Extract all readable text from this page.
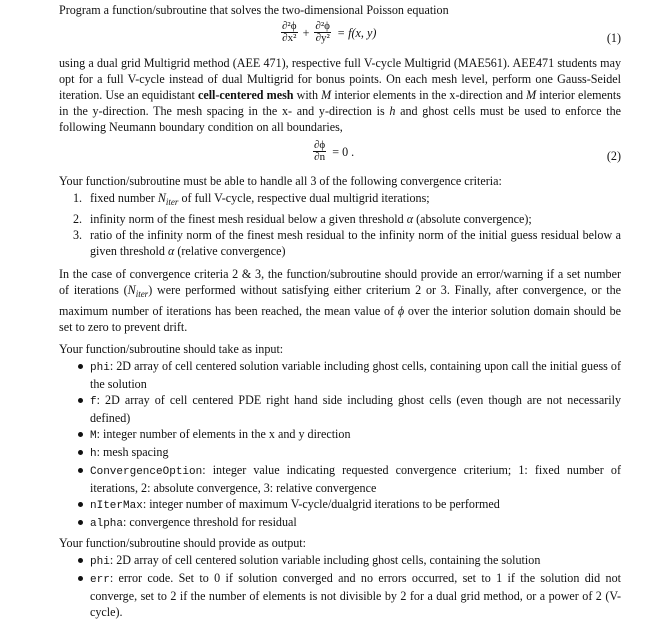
Program a function/subroutine that solves the two-dimensional Poisson equation
$\frac{\text{∂²ϕ}}{\text{∂x²}} + \frac{\text{∂²ϕ}}{\text{∂y²}} = f(x$, y)	(1)
using a dual grid Multigrid method (AEE 471), respective full V-cycle Multigrid (MAE561). AEE471 students may opt for a full V-cycle instead of dual Multigrid for bonus points. On each mesh level, perform one Gauss-Seidel iteration. Use an equidistant cell-centered mesh with M interior elements in the x-direction and M interior elements in the y-direction. The mesh spacing in the x- and y-direction is h and ghost cells must be used to enforce the following Neumann boundary condition on all boundaries,
$\frac{\partial\phi}{\partial n} = 0$ .	(2)
Your function/subroutine must be able to handle all 3 of the following convergence criteria:
1. fixed number $N_{iter}$ of full V-cycle, respective dual multigrid iterations;
2. infinity norm of the finest mesh residual below a given threshold α (absolute convergence);
3. ratio of the infinity norm of the finest mesh residual to the infinity norm of the initial guess residual below a given threshold α (relative convergence)
In the case of convergence criteria 2 & 3, the function/subroutine should provide an error/warning if a set number of iterations $(N_{iter})$ were performed without satisfying either criterium 2 or 3. Finally, after convergence, or the maximum number of iterations has been reached, the mean value of ϕ over the interior solution domain should be set to zero to prevent drift.
Your function/subroutine should take as input:
phi: 2D array of cell centered solution variable including ghost cells, containing upon call the initial guess of the solution
f: 2D array of cell centered PDE right hand side including ghost cells (even though are not necessarily defined)
M: integer number of elements in the x and y direction
h: mesh spacing
ConvergenceOption: integer value indicating requested convergence criterium; 1: fixed number of iterations, 2: absolute convergence, 3: relative convergence
nIterMax: integer number of maximum V-cycle/dualgrid iterations to be performed
alpha: convergence threshold for residual
Your function/subroutine should provide as output:
phi: 2D array of cell centered solution variable including ghost cells, containing the solution
err: error code. Set to 0 if solution converged and no errors occurred, set to 1 if the solution did not converge, set to 2 if the number of elements is not divisible by 2 for a dual grid method, or a power of 2 (V-cycle).
